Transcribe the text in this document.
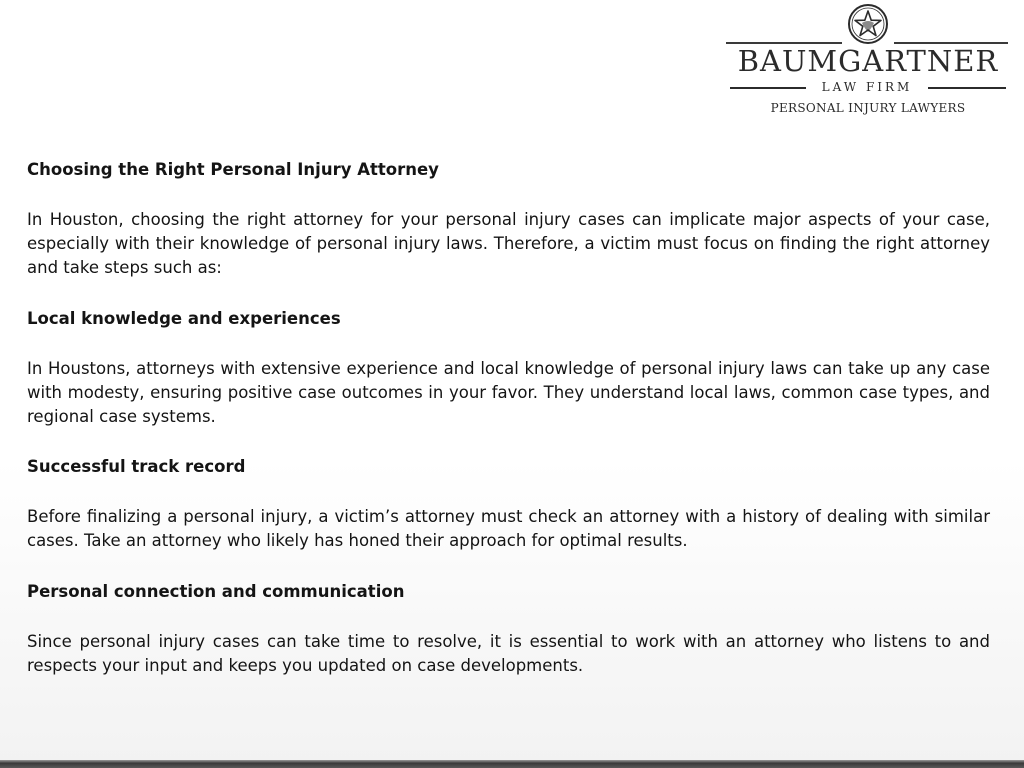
BAUMGARTNER
LAW FIRM
PERSONAL INJURY LAWYERS
Choosing the Right Personal Injury Attorney
In Houston, choosing the right attorney for your personal injury cases can implicate major aspects of your case, especially with their knowledge of personal injury laws. Therefore, a victim must focus on finding the right attorney and take steps such as:
Local knowledge and experiences
In Houstons, attorneys with extensive experience and local knowledge of personal injury laws can take up any case with modesty, ensuring positive case outcomes in your favor. They understand local laws, common case types, and regional case systems.
Successful track record
Before finalizing a personal injury, a victim’s attorney must check an attorney with a history of dealing with similar cases. Take an attorney who likely has honed their approach for optimal results.
Personal connection and communication
Since personal injury cases can take time to resolve, it is essential to work with an attorney who listens to and respects your input and keeps you updated on case developments.
